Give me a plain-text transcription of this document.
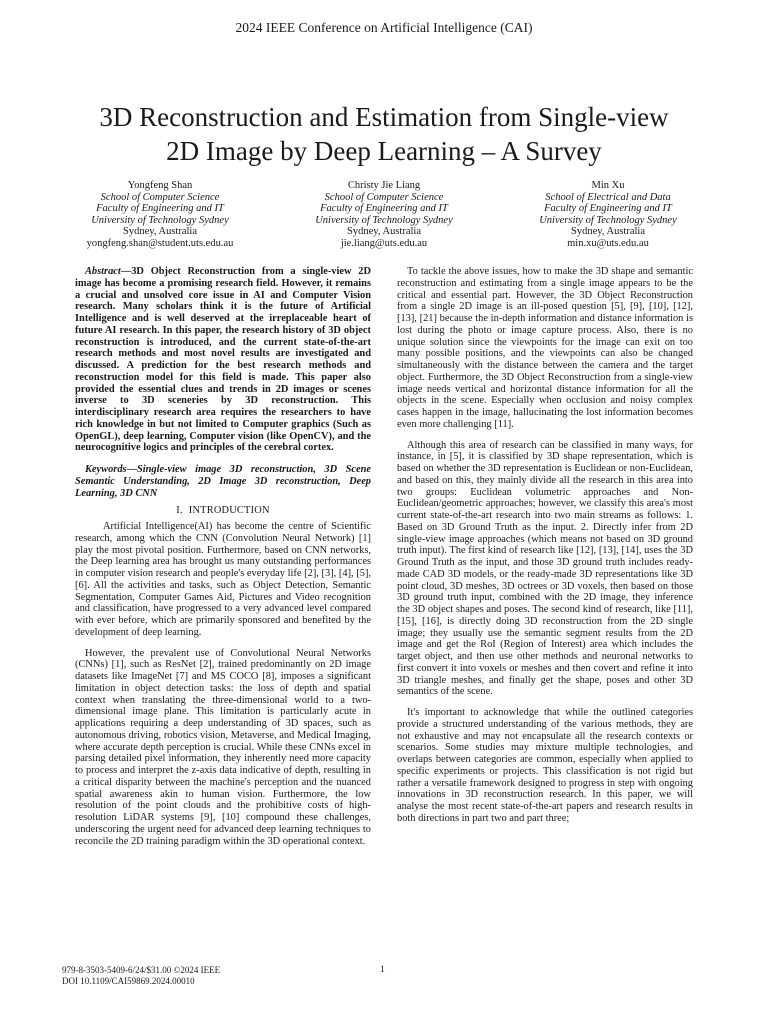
2024 IEEE Conference on Artificial Intelligence (CAI)
3D Reconstruction and Estimation from Single-view
2D Image by Deep Learning – A Survey
Yongfeng Shan
School of Computer Science
Faculty of Engineering and IT
University of Technology Sydney
Sydney, Australia
yongfeng.shan@student.uts.edu.au
Christy Jie Liang
School of Computer Science
Faculty of Engineering and IT
University of Technology Sydney
Sydney, Australia
jie.liang@uts.edu.au
Min Xu
School of Electrical and Data
Faculty of Engineering and IT
University of Technology Sydney
Sydney, Australia
min.xu@uts.edu.au

Abstract—3D Object Reconstruction from a single-view 2D image has become a promising research field. However, it remains a crucial and unsolved core issue in AI and Computer Vision research. Many scholars think it is the future of Artificial Intelligence and is well deserved at the irreplaceable heart of future AI research. In this paper, the research history of 3D object reconstruction is introduced, and the current state-of-the-art research methods and most novel results are investigated and discussed. A prediction for the best research methods and reconstruction model for this field is made. This paper also provided the essential clues and trends in 2D images or scenes inverse to 3D sceneries by 3D reconstruction. This interdisciplinary research area requires the researchers to have rich knowledge in but not limited to Computer graphics (Such as OpenGL), deep learning, Computer vision (like OpenCV), and the neurocognitive logics and principles of the cerebral cortex.

Keywords—Single-view image 3D reconstruction, 3D Scene Semantic Understanding, 2D Image 3D reconstruction, Deep Learning, 3D CNN

I. INTRODUCTION

Artificial Intelligence(AI) has become the centre of Scientific research, among which the CNN (Convolution Neural Network) [1] play the most pivotal position. Furthermore, based on CNN networks, the Deep learning area has brought us many outstanding performances in computer vision research and people's everyday life [2], [3], [4], [5], [6]. All the activities and tasks, such as Object Detection, Semantic Segmentation, Computer Games Aid, Pictures and Video recognition and classification, have progressed to a very advanced level compared with ever before, which are primarily sponsored and benefited by the development of deep learning.

However, the prevalent use of Convolutional Neural Networks (CNNs) [1], such as ResNet [2], trained predominantly on 2D image datasets like ImageNet [7] and MS COCO [8], imposes a significant limitation in object detection tasks: the loss of depth and spatial context when translating the three-dimensional world to a two-dimensional image plane. This limitation is particularly acute in applications requiring a deep understanding of 3D spaces, such as autonomous driving, robotics vision, Metaverse, and Medical Imaging, where accurate depth perception is crucial. While these CNNs excel in parsing detailed pixel information, they inherently need more capacity to process and interpret the z-axis data indicative of depth, resulting in a critical disparity between the machine's perception and the nuanced spatial awareness akin to human vision. Furthermore, the low resolution of the point clouds and the prohibitive costs of high-resolution LiDAR systems [9], [10] compound these challenges, underscoring the urgent need for advanced deep learning techniques to reconcile the 2D training paradigm within the 3D operational context.

To tackle the above issues, how to make the 3D shape and semantic reconstruction and estimating from a single image appears to be the critical and essential part. However, the 3D Object Reconstruction from a single 2D image is an ill-posed question [5], [9], [10], [12], [13], [21] because the in-depth information and distance information is lost during the photo or image capture process. Also, there is no unique solution since the viewpoints for the image can exit on too many possible positions, and the viewpoints can also be changed simultaneously with the distance between the camera and the target object. Furthermore, the 3D Object Reconstruction from a single-view image needs vertical and horizontal distance information for all the objects in the scene. Especially when occlusion and noisy complex cases happen in the image, hallucinating the lost information becomes even more challenging [11].

Although this area of research can be classified in many ways, for instance, in [5], it is classified by 3D shape representation, which is based on whether the 3D representation is Euclidean or non-Euclidean, and based on this, they mainly divide all the research in this area into two groups: Euclidean volumetric approaches and Non-Euclidean/geometric approaches; however, we classify this area's most current state-of-the-art research into two main streams as follows: 1. Based on 3D Ground Truth as the input. 2. Directly infer from 2D single-view image approaches (which means not based on 3D ground truth input). The first kind of research like [12], [13], [14], uses the 3D Ground Truth as the input, and those 3D ground truth includes ready-made CAD 3D models, or the ready-made 3D representations like 3D point cloud, 3D meshes, 3D octrees or 3D voxels, then based on those 3D ground truth input, combined with the 2D image, they inference the 3D object shapes and poses. The second kind of research, like [11], [15], [16], is directly doing 3D reconstruction from the 2D single image; they usually use the semantic segment results from the 2D image and get the RoI (Region of Interest) area which includes the target object, and then use other methods and neuronal networks to first convert it into voxels or meshes and then covert and refine it into 3D triangle meshes, and finally get the shape, poses and other 3D semantics of the scene.

It's important to acknowledge that while the outlined categories provide a structured understanding of the various methods, they are not exhaustive and may not encapsulate all the research contexts or scenarios. Some studies may mixture multiple technologies, and overlaps between categories are common, especially when applied to specific experiments or projects. This classification is not rigid but rather a versatile framework designed to progress in step with ongoing innovations in 3D reconstruction research. In this paper, we will analyse the most recent state-of-the-art papers and research results in both directions in part two and part three;

979-8-3503-5409-6/24/$31.00 ©2024 IEEE
DOI 10.1109/CAI59869.2024.00010
1
